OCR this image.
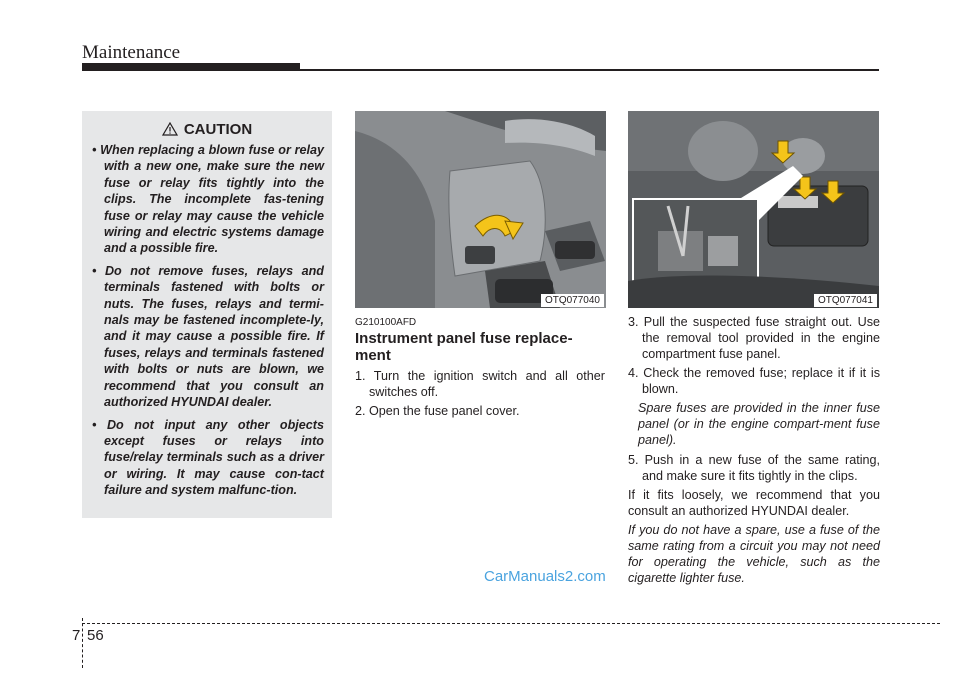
Maintenance
CAUTION
• When replacing a blown fuse or relay with a new one, make sure the new fuse or relay fits tightly into the clips. The incomplete fas-tening fuse or relay may cause the vehicle wiring and electric systems damage and a possible fire.
• Do not remove fuses, relays and terminals fastened with bolts or nuts. The fuses, relays and termi-nals may be fastened incomplete-ly, and it may cause a possible fire. If fuses, relays and terminals fastened with bolts or nuts are blown, we recommend that you consult an authorized HYUNDAI dealer.
• Do not input any other objects except fuses or relays into fuse/relay terminals such as a driver or wiring. It may cause con-tact failure and system malfunc-tion.
OTQ077040	OTQ077041
G210100AFD
Instrument panel fuse replace-ment

1. Turn the ignition switch and all other switches off.

2. Open the fuse panel cover.

3. Pull the suspected fuse straight out. Use the removal tool provided in the engine compartment fuse panel.

4. Check the removed fuse; replace it if it is blown.

Spare fuses are provided in the inner fuse panel (or in the engine compart-ment fuse panel).

5. Push in a new fuse of the same rating, and make sure it fits tightly in the clips.

If it fits loosely, we recommend that you consult an authorized HYUNDAI dealer.

If you do not have a spare, use a fuse of the same rating from a circuit you may not need for operating the vehicle, such as the cigarette lighter fuse.

CarManuals2.com
7 56
